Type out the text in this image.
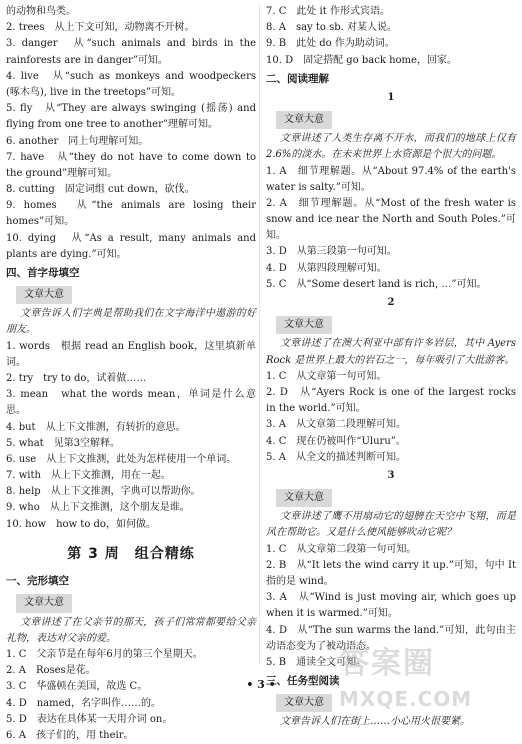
的动物和鸟类。

2. trees　从上下文可知，动物离不开树。

3. danger　从“such animals and birds in the rainforests are in danger”可知。

4. live　从“such as monkeys and woodpeckers (啄木鸟), live in the treetops”可知。

5. fly　从“They are always swinging (摇荡) and flying from one tree to another”理解可知。

6. another　同上句理解可知。

7. have　从“they do not have to come down to the ground”理解可知。

8. cutting　固定词组 cut down，砍伐。

9. homes　从“the animals are losing their homes”可知。

10. dying　从“As a result, many animals and plants are dying.”可知。

四、首字母填空
文章大意

文章告诉人们字典是帮助我们在文字海洋中遨游的好朋友。

1. words　根据 read an English book，这里填新单词。

2. try　try to do，试着做……

3. mean　what the words mean，单词是什么意思。

4. but　从上下文推测，有转折的意思。

5. what　见第3空解释。

6. use　从上下文推测，此处为怎样使用一个单词。

7. with　从上下文推测，用在一起。

8. help　从上下文推测，字典可以帮助你。

9. who　从上下文推测，这个朋友是谁。

10. how　how to do，如何做。

第 3 周　组合精练
一、完形填空
文章大意

文章讲述了在父亲节的那天，孩子们常常都要给父亲礼物，表达对父亲的爱。

1. C　父亲节是在每年6月的第三个星期天。

2. A　Roses是花。

3. C　华盛顿在美国，故选 C。

4. D　named，名字叫作……的。

5. D　表达在具体某一天用介词 on。

6. A　孩子们的，用 their。

7. C　此处 it 作形式宾语。

8. A　say to sb. 对某人说。

9. B　此处 do 作为助动词。

10. D　固定搭配 go back home，回家。

二、阅读理解
1
文章大意

文章讲述了人类生存离不开水，而我们的地球上仅有2.6%的淡水。在未来世界上水资源是个很大的问题。

1. A　细节理解题。从“About 97.4% of the earth's water is salty.”可知。

2. A　细节理解题。从“Most of the fresh water is snow and ice near the North and South Poles.”可知。

3. D　从第三段第一句可知。

4. D　从第四段理解可知。

5. C　从“Some desert land is rich, …”可知。

2
文章大意

文章讲述了在澳大利亚中部有许多岩层，其中 Ayers Rock 是世界上最大的岩石之一，每年吸引了大批游客。

1. C　从文章第一句可知。

2. D　从“Ayers Rock is one of the largest rocks in the world.”可知。

3. A　从文章第二段理解可知。

4. C　现在仍被叫作“Uluru”。

5. A　从全文的描述判断可知。

3
文章大意

文章讲述了鹰不用扇动它的翅膀在天空中飞翔，而是风在帮助它。又是什么使风能够吹动它呢？

1. C　从文章第二段第一句可知。

2. B　从“It lets the wind carry it up.”可知，句中 It 指的是 wind。

3. A　从“Wind is just moving air, which goes up when it is warmed.”可知。

4. D　从“The sun warms the land.”可知，此句由主动语态变为了被动语态。

5. B　通读全文可知。

三、任务型阅读
文章大意

文章告诉人们在街上……小心用火很要紧。

• 3 •
答案圈
MXQE.COM
